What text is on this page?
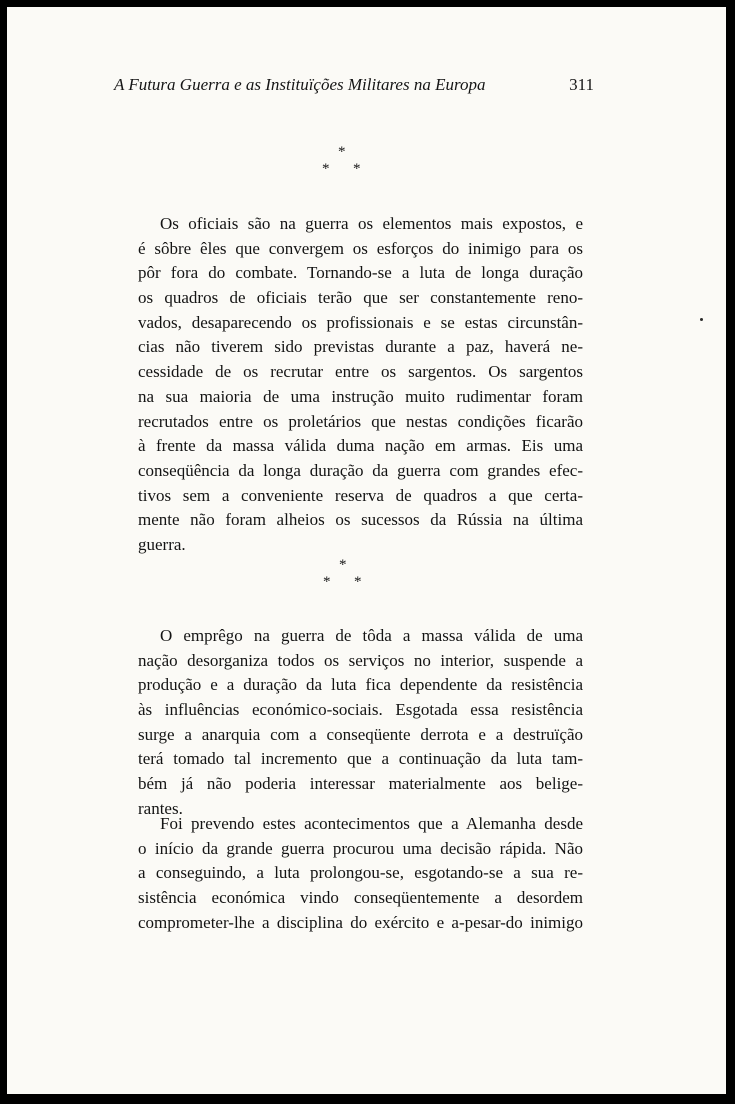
A Futura Guerra e as Instituïções Militares na Europa	311
*
* *
Os oficiais são na guerra os elementos mais expostos, e
é sôbre êles que convergem os esforços do inimigo para os
pôr fora do combate. Tornando-se a luta de longa duração
os quadros de oficiais terão que ser constantemente reno-
vados, desaparecendo os profissionais e se estas circunstân-
cias não tiverem sido previstas durante a paz, haverá ne-
cessidade de os recrutar entre os sargentos. Os sargentos
na sua maioria de uma instrução muito rudimentar foram
recrutados entre os proletários que nestas condições ficarão
à frente da massa válida duma nação em armas. Eis uma
conseqüência da longa duração da guerra com grandes efec-
tivos sem a conveniente reserva de quadros a que certa-
mente não foram alheios os sucessos da Rússia na última
guerra.
*
* *
O emprêgo na guerra de tôda a massa válida de uma
nação desorganiza todos os serviços no interior, suspende a
produção e a duração da luta fica dependente da resistência
às influências económico-sociais. Esgotada essa resistência
surge a anarquia com a conseqüente derrota e a destruïção
terá tomado tal incremento que a continuação da luta tam-
bém já não poderia interessar materialmente aos belige-
rantes.
Foi prevendo estes acontecimentos que a Alemanha desde
o início da grande guerra procurou uma decisão rápida. Não
a conseguindo, a luta prolongou-se, esgotando-se a sua re-
sistência económica vindo conseqüentemente a desordem
comprometer-lhe a disciplina do exército e a-pesar-do inimigo
